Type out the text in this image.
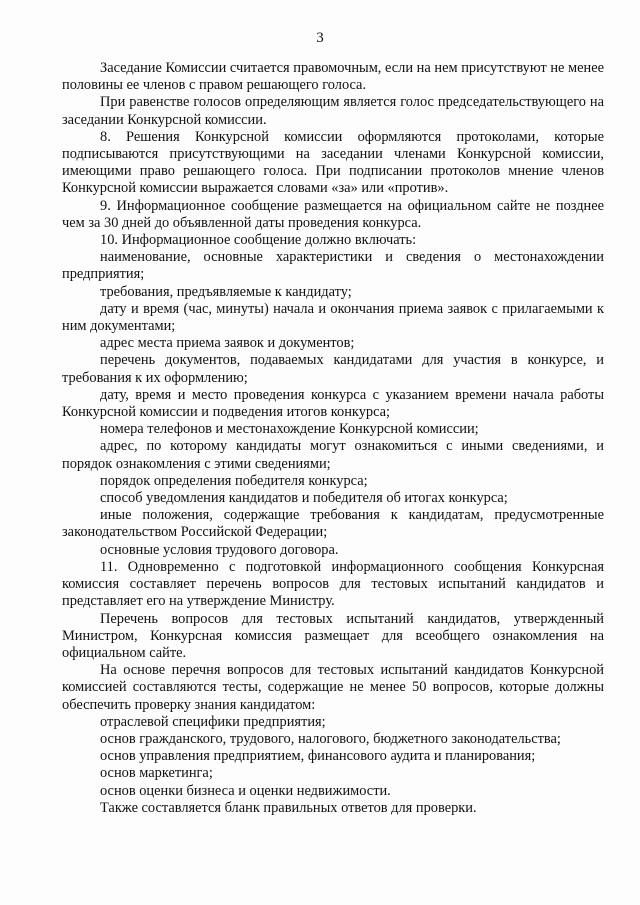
3

Заседание Комиссии считается правомочным, если на нем присутствуют не менее половины ее членов с правом решающего голоса.

При равенстве голосов определяющим является голос председательствующего на заседании Конкурсной комиссии.

8. Решения Конкурсной комиссии оформляются протоколами, которые подписываются присутствующими на заседании членами Конкурсной комиссии, имеющими право решающего голоса. При подписании протоколов мнение членов Конкурсной комиссии выражается словами «за» или «против».

9. Информационное сообщение размещается на официальном сайте не позднее чем за 30 дней до объявленной даты проведения конкурса.

10. Информационное сообщение должно включать:

наименование, основные характеристики и сведения о местонахождении предприятия;

требования, предъявляемые к кандидату;

дату и время (час, минуты) начала и окончания приема заявок с прилагаемыми к ним документами;

адрес места приема заявок и документов;

перечень документов, подаваемых кандидатами для участия в конкурсе, и требования к их оформлению;

дату, время и место проведения конкурса с указанием времени начала работы Конкурсной комиссии и подведения итогов конкурса;

номера телефонов и местонахождение Конкурсной комиссии;

адрес, по которому кандидаты могут ознакомиться с иными сведениями, и порядок ознакомления с этими сведениями;

порядок определения победителя конкурса;

способ уведомления кандидатов и победителя об итогах конкурса;

иные положения, содержащие требования к кандидатам, предусмотренные законодательством Российской Федерации;

основные условия трудового договора.

11. Одновременно с подготовкой информационного сообщения Конкурсная комиссия составляет перечень вопросов для тестовых испытаний кандидатов и представляет его на утверждение Министру.

Перечень вопросов для тестовых испытаний кандидатов, утвержденный Министром, Конкурсная комиссия размещает для всеобщего ознакомления на официальном сайте.

На основе перечня вопросов для тестовых испытаний кандидатов Конкурсной комиссией составляются тесты, содержащие не менее 50 вопросов, которые должны обеспечить проверку знания кандидатом:

отраслевой специфики предприятия;

основ гражданского, трудового, налогового, бюджетного законодательства;

основ управления предприятием, финансового аудита и планирования;

основ маркетинга;

основ оценки бизнеса и оценки недвижимости.

Также составляется бланк правильных ответов для проверки.
